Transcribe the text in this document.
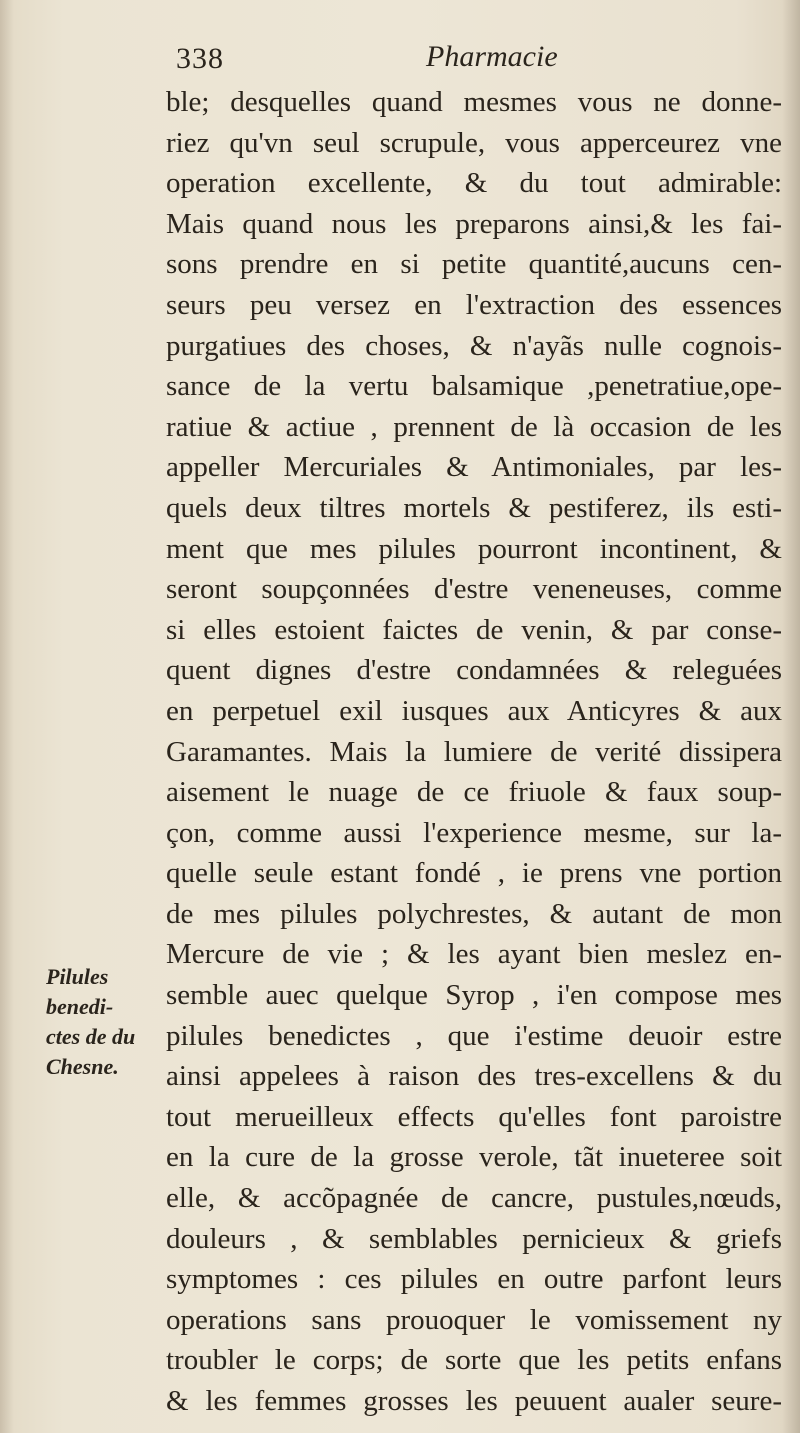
338	Pharmacie
Pilules
benedi-
ctes de du
Chesne.
ble; desquelles quand mesmes vous ne donne-
riez qu'vn seul scrupule, vous apperceurez vne
operation excellente, & du tout admirable:
Mais quand nous les preparons ainsi,& les fai-
sons prendre en si petite quantité,aucuns cen-
seurs peu versez en l'extraction des essences
purgatiues des choses, & n'ayãs nulle cognois-
sance de la vertu balsamique ,penetratiue,ope-
ratiue & actiue , prennent de là occasion de les
appeller Mercuriales & Antimoniales, par les-
quels deux tiltres mortels & pestiferez, ils esti-
ment que mes pilules pourront incontinent, &
seront soupçonnées d'estre veneneuses, comme
si elles estoient faictes de venin, & par conse-
quent dignes d'estre condamnées & releguées
en perpetuel exil iusques aux Anticyres & aux
Garamantes. Mais la lumiere de verité dissipera
aisement le nuage de ce friuole & faux soup-
çon, comme aussi l'experience mesme, sur la-
quelle seule estant fondé , ie prens vne portion
de mes pilules polychrestes, & autant de mon
Mercure de vie ; & les ayant bien meslez en-
semble auec quelque Syrop , i'en compose mes
pilules benedictes , que i'estime deuoir estre
ainsi appelees à raison des tres-excellens & du
tout merueilleux effects qu'elles font paroistre
en la cure de la grosse verole, tãt inueteree soit
elle, & accõpagnée de cancre, pustules,nœuds,
douleurs , & semblables pernicieux & griefs
symptomes : ces pilules en outre parfont leurs
operations sans prouoquer le vomissement ny
troubler le corps; de sorte que les petits enfans
& les femmes grosses les peuuent aualer seure-
